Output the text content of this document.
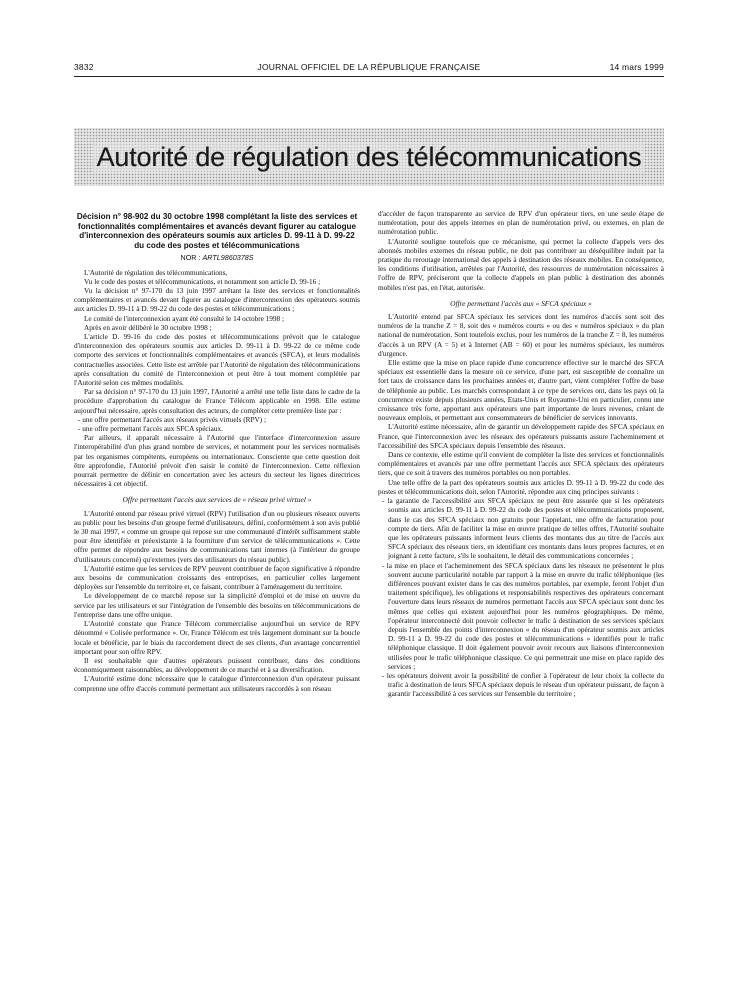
3832	JOURNAL OFFICIEL DE LA RÉPUBLIQUE FRANÇAISE	14 mars 1999
Autorité de régulation des télécommunications
Décision n° 98-902 du 30 octobre 1998 complétant la liste des services et fonctionnalités complémentaires et avancés devant figurer au catalogue d'interconnexion des opérateurs soumis aux articles D. 99-11 à D. 99-22 du code des postes et télécommunications
NOR : ARTL9860378S

L'Autorité de régulation des télécommunications,

Vu le code des postes et télécommunications, et notamment son article D. 99-16 ;

Vu la décision n° 97-170 du 13 juin 1997 arrêtant la liste des services et fonctionnalités complémentaires et avancés devant figurer au catalogue d'interconnexion des opérateurs soumis aux articles D. 99-11 à D. 99-22 du code des postes et télécommunications ;

Le comité de l'interconnexion ayant été consulté le 14 octobre 1998 ;

Après en avoir délibéré le 30 octobre 1998 ;

L'article D. 99-16 du code des postes et télécommunications prévoit que le catalogue d'interconnexion des opérateurs soumis aux articles D. 99-11 à D. 99-22 de ce même code comporte des services et fonctionnalités complémentaires et avancés (SFCA), et leurs modalités contractuelles associées. Cette liste est arrêtée par l'Autorité de régulation des télécommunications après consultation du comité de l'interconnexion et peut être à tout moment complétée par l'Autorité selon ces mêmes modalités.

Par sa décision n° 97-170 du 13 juin 1997, l'Autorité a arrêté une telle liste dans le cadre de la procédure d'approbation du catalogue de France Télécom applicable en 1998. Elle estime aujourd'hui nécessaire, après consultation des acteurs, de compléter cette première liste par :

- une offre permettant l'accès aux réseaux privés virtuels (RPV) ;

- une offre permettant l'accès aux SFCA spéciaux.

Par ailleurs, il apparaît nécessaire à l'Autorité que l'interface d'interconnexion assure l'interopérabilité d'un plus grand nombre de services, et notamment pour les services normalisés par les organismes compétents, européens ou internationaux. Consciente que cette question doit être approfondie, l'Autorité prévoit d'en saisir le comité de l'interconnexion. Cette réflexion pourrait permettre de définir en concertation avec les acteurs du secteur les lignes directrices nécessaires à cet objectif.

Offre permettant l'accès aux services de « réseau privé virtuel »

L'Autorité entend par réseau privé virtuel (RPV) l'utilisation d'un ou plusieurs réseaux ouverts au public pour les besoins d'un groupe fermé d'utilisateurs, défini, conformément à son avis publié le 30 mai 1997, « comme un groupe qui repose sur une communauté d'intérêt suffisamment stable pour être identifiée et préexistante à la fourniture d'un service de télécommunications ». Cette offre permet de répondre aux besoins de communications tant internes (à l'intérieur du groupe d'utilisateurs concerné) qu'externes (vers des utilisateurs du réseau public).

L'Autorité estime que les services de RPV peuvent contribuer de façon significative à répondre aux besoins de communication croissants des entreprises, en particulier celles largement déployées sur l'ensemble du territoire et, ce faisant, contribuer à l'aménagement du territoire.

Le développement de ce marché repose sur la simplicité d'emploi et de mise en œuvre du service par les utilisateurs et sur l'intégration de l'ensemble des besoins en télécommunications de l'entreprise dans une offre unique.

L'Autorité constate que France Télécom commercialise aujourd'hui un service de RPV dénommé « Colisée performance ». Or, France Télécom est très largement dominant sur la boucle locale et bénéficie, par le biais du raccordement direct de ses clients, d'un avantage concurrentiel important pour son offre RPV.

Il est souhaitable que d'autres opérateurs puissent contribuer, dans des conditions économiquement raisonnables, au développement de ce marché et à sa diversification.

L'Autorité estime donc nécessaire que le catalogue d'interconnexion d'un opérateur puissant comprenne une offre d'accès commuté permettant aux utilisateurs raccordés à son réseau

d'accéder de façon transparente au service de RPV d'un opérateur tiers, en une seule étape de numérotation, pour des appels internes en plan de numérotation privé, ou externes, en plan de numérotation public.

L'Autorité souligne toutefois que ce mécanisme, qui permet la collecte d'appels vers des abonnés mobiles externes du réseau public, ne doit pas contribuer au déséquilibre induit par la pratique du reroutage international des appels à destination des réseaux mobiles. En conséquence, les conditions d'utilisation, arrêtées par l'Autorité, des ressources de numérotation nécessaires à l'offre de RPV, préciseront que la collecte d'appels en plan public à destination des abonnés mobiles n'est pas, en l'état, autorisée.

Offre permettant l'accès aux « SFCA spéciaux »

L'Autorité entend par SFCA spéciaux les services dont les numéros d'accès sont soit des numéros de la tranche Z = 8, soit des « numéros courts » ou des « numéros spéciaux » du plan national de numérotation. Sont toutefois exclus, pour les numéros de la tranche Z = 8, les numéros d'accès à un RPV (A = 5) et à Internet (AB = 60) et pour les numéros spéciaux, les numéros d'urgence.

Elle estime que la mise en place rapide d'une concurrence effective sur le marché des SFCA spéciaux est essentielle dans la mesure où ce service, d'une part, est susceptible de connaître un fort taux de croissance dans les prochaines années et, d'autre part, vient compléter l'offre de base de téléphonie au public. Les marchés correspondant à ce type de services ont, dans les pays où la concurrence existe depuis plusieurs années, Etats-Unis et Royaume-Uni en particulier, connu une croissance très forte, apportant aux opérateurs une part importante de leurs revenus, créant de nouveaux emplois, et permettant aux consommateurs de bénéficier de services innovants.

L'Autorité estime nécessaire, afin de garantir un développement rapide des SFCA spéciaux en France, que l'interconnexion avec les réseaux des opérateurs puissants assure l'acheminement et l'accessibilité des SFCA spéciaux depuis l'ensemble des réseaux.

Dans ce contexte, elle estime qu'il convient de compléter la liste des services et fonctionnalités complémentaires et avancés par une offre permettant l'accès aux SFCA spéciaux des opérateurs tiers, que ce soit à travers des numéros portables ou non portables.

Une telle offre de la part des opérateurs soumis aux articles D. 99-11 à D. 99-22 du code des postes et télécommunications doit, selon l'Autorité, répondre aux cinq principes suivants :

- la garantie de l'accessibilité aux SFCA spéciaux ne peut être assurée que si les opérateurs soumis aux articles D. 99-11 à D. 99-22 du code des postes et télécommunications proposent, dans le cas des SFCA spéciaux non gratuits pour l'appelant, une offre de facturation pour compte de tiers. Afin de faciliter la mise en œuvre pratique de telles offres, l'Autorité souhaite que les opérateurs puissants informent leurs clients des montants dus au titre de l'accès aux SFCA spéciaux des réseaux tiers, en identifiant ces montants dans leurs propres factures, et en joignant à cette facture, s'ils le souhaitent, le détail des communications concernées ;

- la mise en place et l'acheminement des SFCA spéciaux dans les réseaux ne présentent le plus souvent aucune particularité notable par rapport à la mise en œuvre du trafic téléphonique (les différences pouvant exister dans le cas des numéros portables, par exemple, feront l'objet d'un traitement spécifique), les obligations et responsabilités respectives des opérateurs concernant l'ouverture dans leurs réseaux de numéros permettant l'accès aux SFCA spéciaux sont donc les mêmes que celles qui existent aujourd'hui pour les numéros géographiques. De même, l'opérateur interconnecté doit pouvoir collecter le trafic à destination de ses services spéciaux depuis l'ensemble des points d'interconnexion « du réseau d'un opérateur soumis aux articles D. 99-11 à D. 99-22 du code des postes et télécommunications » identifiés pour le trafic téléphonique classique. Il doit également pouvoir avoir recours aux liaisons d'interconnexion utilisées pour le trafic téléphonique classique. Ce qui permettrait une mise en place rapide des services ;

- les opérateurs doivent avoir la possibilité de confier à l'opérateur de leur choix la collecte du trafic à destination de leurs SFCA spéciaux depuis le réseau d'un opérateur puissant, de façon à garantir l'accessibilité à ces services sur l'ensemble du territoire ;
